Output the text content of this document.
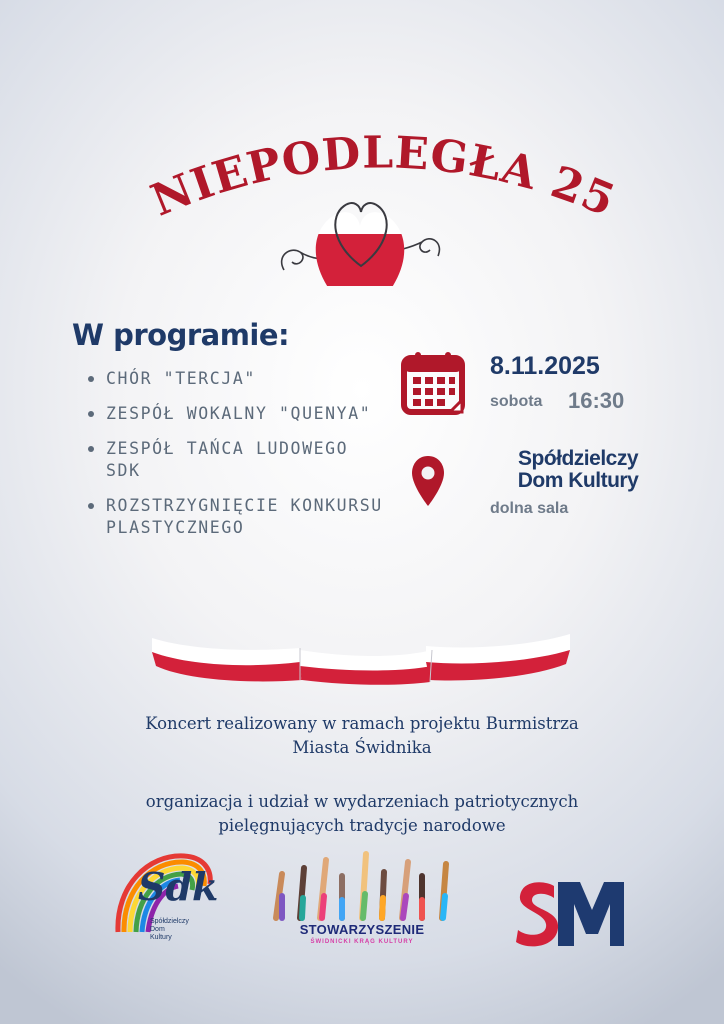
NIEPODLEGŁA 25
W programie:
CHÓR "TERCJA"
ZESPÓŁ WOKALNY "QUENYA"
ZESPÓŁ TAŃCA LUDOWEGO SDK
ROZSTRZYGNIĘCIE KONKURSU PLASTYCZNEGO
8.11.2025
sobota 16:30
Spółdzielczy
Dom Kultury
dolna sala
Koncert realizowany w ramach projektu Burmistrza
Miasta Świdnika
organizacja i udział w wydarzeniach patriotycznych
pielęgnujących tradycje narodowe
Sdk
Spółdzielczy
Dom
Kultury
STOWARZYSZENIE
ŚWIDNICKI KRĄG KULTURY
